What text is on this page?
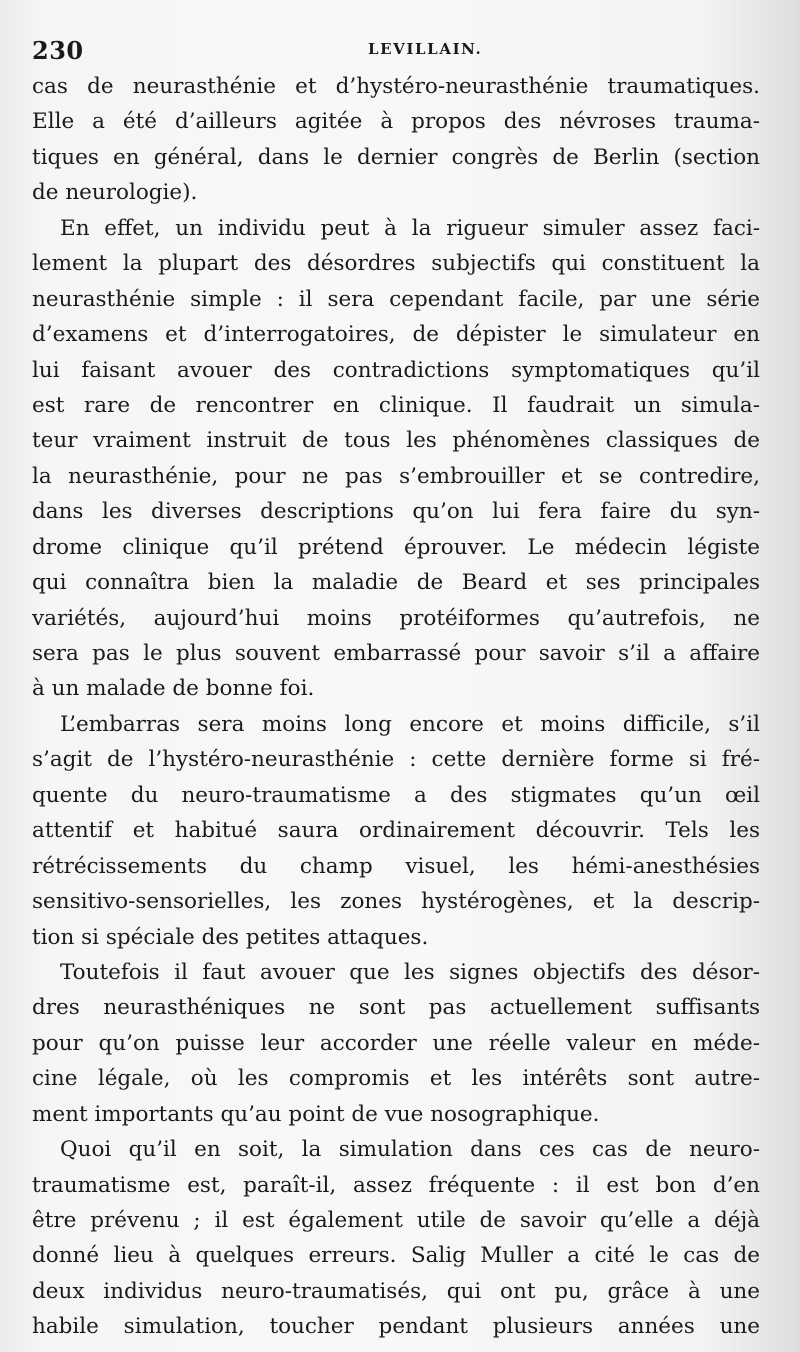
230	LEVILLAIN.
cas de neurasthénie et d’hystéro-neurasthénie traumatiques.
Elle a été d’ailleurs agitée à propos des névroses trauma-
tiques en général, dans le dernier congrès de Berlin (section
de neurologie).
En effet, un individu peut à la rigueur simuler assez faci-
lement la plupart des désordres subjectifs qui constituent la
neurasthénie simple : il sera cependant facile, par une série
d’examens et d’interrogatoires, de dépister le simulateur en
lui faisant avouer des contradictions symptomatiques qu’il
est rare de rencontrer en clinique. Il faudrait un simula-
teur vraiment instruit de tous les phénomènes classiques de
la neurasthénie, pour ne pas s’embrouiller et se contredire,
dans les diverses descriptions qu’on lui fera faire du syn-
drome clinique qu’il prétend éprouver. Le médecin légiste
qui connaîtra bien la maladie de Beard et ses principales
variétés, aujourd’hui moins protéiformes qu’autrefois, ne
sera pas le plus souvent embarrassé pour savoir s’il a affaire
à un malade de bonne foi.
L’embarras sera moins long encore et moins difficile, s’il
s’agit de l’hystéro-neurasthénie : cette dernière forme si fré-
quente du neuro-traumatisme a des stigmates qu’un œil
attentif et habitué saura ordinairement découvrir. Tels les
rétrécissements du champ visuel, les hémi-anesthésies
sensitivo-sensorielles, les zones hystérogènes, et la descrip-
tion si spéciale des petites attaques.
Toutefois il faut avouer que les signes objectifs des désor-
dres neurasthéniques ne sont pas actuellement suffisants
pour qu’on puisse leur accorder une réelle valeur en méde-
cine légale, où les compromis et les intérêts sont autre-
ment importants qu’au point de vue nosographique.
Quoi qu’il en soit, la simulation dans ces cas de neuro-
traumatisme est, paraît-il, assez fréquente : il est bon d’en
être prévenu ; il est également utile de savoir qu’elle a déjà
donné lieu à quelques erreurs. Salig Muller a cité le cas de
deux individus neuro-traumatisés, qui ont pu, grâce à une
habile simulation, toucher pendant plusieurs années une
